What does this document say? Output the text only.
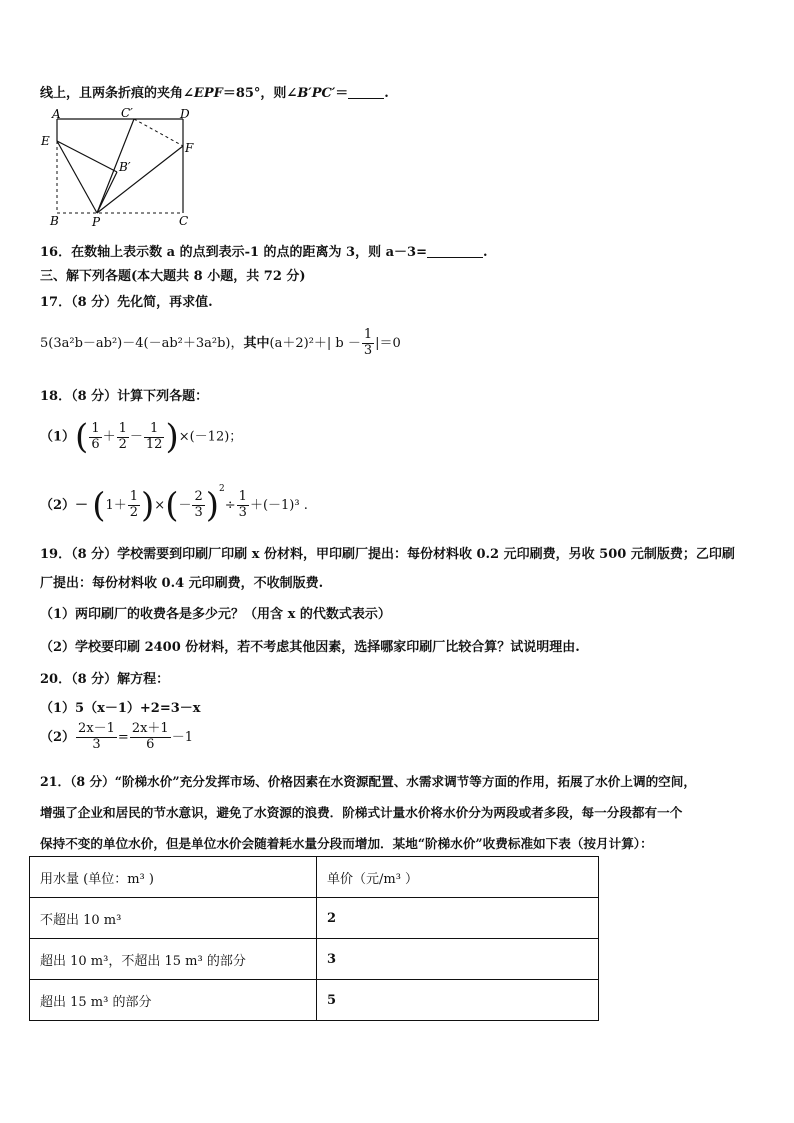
线上，且两条折痕的夹角∠EPF＝85°，则∠B′PC′＝	.
A	C′	D
E	F
B′
B	P	C
16．在数轴上表示数 a 的点到表示-1 的点的距离为 3，则 a－3=	.
三、解下列各题(本大题共 8 小题，共 72 分)
17．（8 分）先化简，再求值.
5(3a²b－ab²)－4(－ab²＋3a²b)，其中(a＋2)²＋| $b - \frac{1}{3} |=0$
18．（8 分）计算下列各题：
$(1)( \frac{1}{6} + \frac{1}{2} - \frac{1}{12} )\times(-12)$；
$(2)- (1+ \frac{1}{2}$ )×(－ $\frac{2}{3} )^2\div \frac{1}{3} +(-1)^3$ .
19．（8 分）学校需要到印刷厂印刷 x 份材料，甲印刷厂提出：每份材料收 0.2 元印刷费，另收 500 元制版费；乙印刷
厂提出：每份材料收 0.4 元印刷费，不收制版费.
（1）两印刷厂的收费各是多少元？（用含 x 的代数式表示）
（2）学校要印刷 2400 份材料，若不考虑其他因素，选择哪家印刷厂比较合算？试说明理由.
20．（8 分）解方程：
（1）5（x－1）+2=3－x
$(2) \frac{2x-1}{3} = \frac{2x+1}{6} -1$
21．（8 分）“阶梯水价”充分发挥市场、价格因素在水资源配置、水需求调节等方面的作用，拓展了水价上调的空间，
增强了企业和居民的节水意识，避免了水资源的浪费．阶梯式计量水价将水价分为两段或者多段，每一分段都有一个
保持不变的单位水价，但是单位水价会随着耗水量分段而增加．某地“阶梯水价”收费标准如下表（按月计算）：
用水量 (单位：m³ )	单价（元/m³ ）
不超出 10 m³	2
超出 10 m³，不超出 15 m³ 的部分	3
超出 15 m³ 的部分	5
